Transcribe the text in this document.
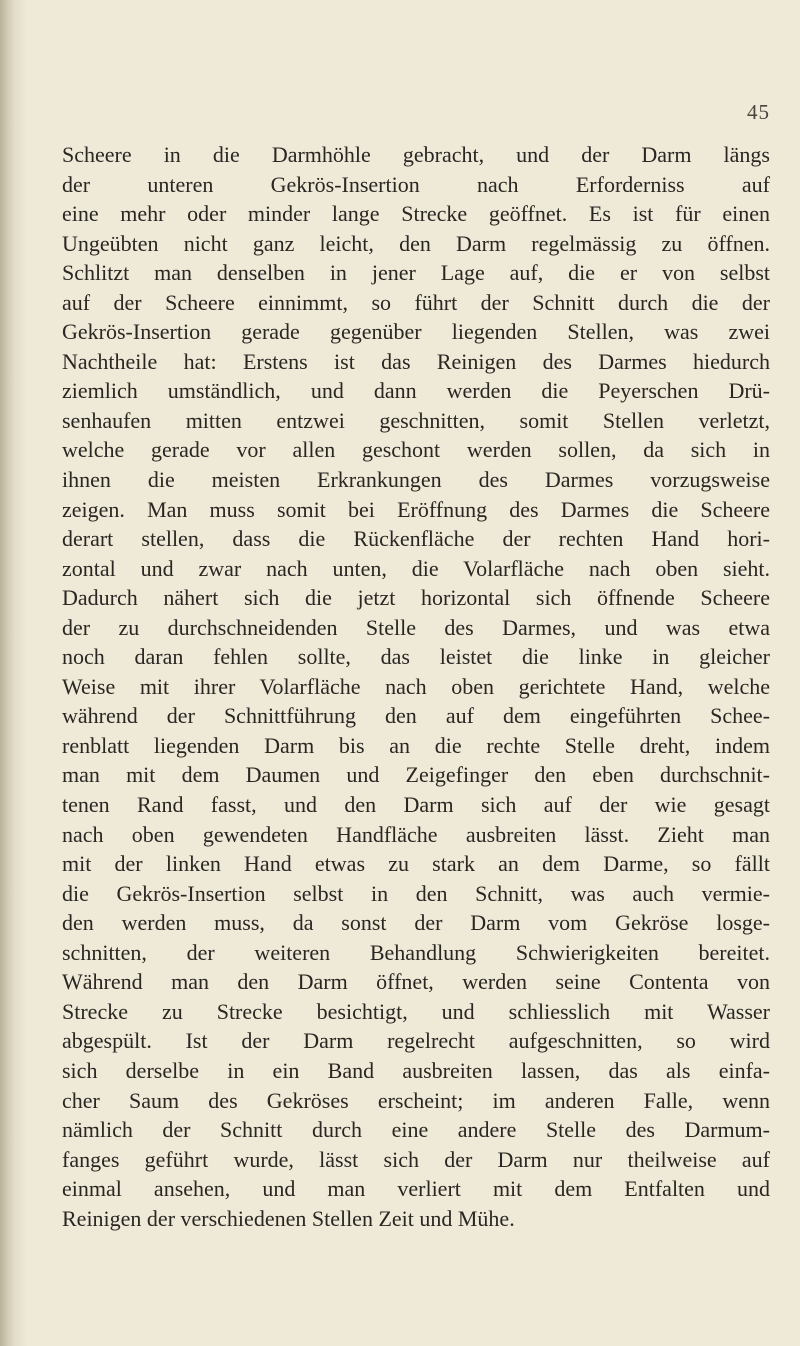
45
Scheere in die Darmhöhle gebracht, und der Darm längs
der unteren Gekrös-Insertion nach Erforderniss auf
eine mehr oder minder lange Strecke geöffnet. Es ist für einen
Ungeübten nicht ganz leicht, den Darm regelmässig zu öffnen.
Schlitzt man denselben in jener Lage auf, die er von selbst
auf der Scheere einnimmt, so führt der Schnitt durch die der
Gekrös-Insertion gerade gegenüber liegenden Stellen, was zwei
Nachtheile hat: Erstens ist das Reinigen des Darmes hiedurch
ziemlich umständlich, und dann werden die Peyerschen Drü-
senhaufen mitten entzwei geschnitten, somit Stellen verletzt,
welche gerade vor allen geschont werden sollen, da sich in
ihnen die meisten Erkrankungen des Darmes vorzugsweise
zeigen. Man muss somit bei Eröffnung des Darmes die Scheere
derart stellen, dass die Rückenfläche der rechten Hand hori-
zontal und zwar nach unten, die Volarfläche nach oben sieht.
Dadurch nähert sich die jetzt horizontal sich öffnende Scheere
der zu durchschneidenden Stelle des Darmes, und was etwa
noch daran fehlen sollte, das leistet die linke in gleicher
Weise mit ihrer Volarfläche nach oben gerichtete Hand, welche
während der Schnittführung den auf dem eingeführten Schee-
renblatt liegenden Darm bis an die rechte Stelle dreht, indem
man mit dem Daumen und Zeigefinger den eben durchschnit-
tenen Rand fasst, und den Darm sich auf der wie gesagt
nach oben gewendeten Handfläche ausbreiten lässt. Zieht man
mit der linken Hand etwas zu stark an dem Darme, so fällt
die Gekrös-Insertion selbst in den Schnitt, was auch vermie-
den werden muss, da sonst der Darm vom Gekröse losge-
schnitten, der weiteren Behandlung Schwierigkeiten bereitet.
Während man den Darm öffnet, werden seine Contenta von
Strecke zu Strecke besichtigt, und schliesslich mit Wasser
abgespült. Ist der Darm regelrecht aufgeschnitten, so wird
sich derselbe in ein Band ausbreiten lassen, das als einfa-
cher Saum des Gekröses erscheint; im anderen Falle, wenn
nämlich der Schnitt durch eine andere Stelle des Darmum-
fanges geführt wurde, lässt sich der Darm nur theilweise auf
einmal ansehen, und man verliert mit dem Entfalten und
Reinigen der verschiedenen Stellen Zeit und Mühe.
